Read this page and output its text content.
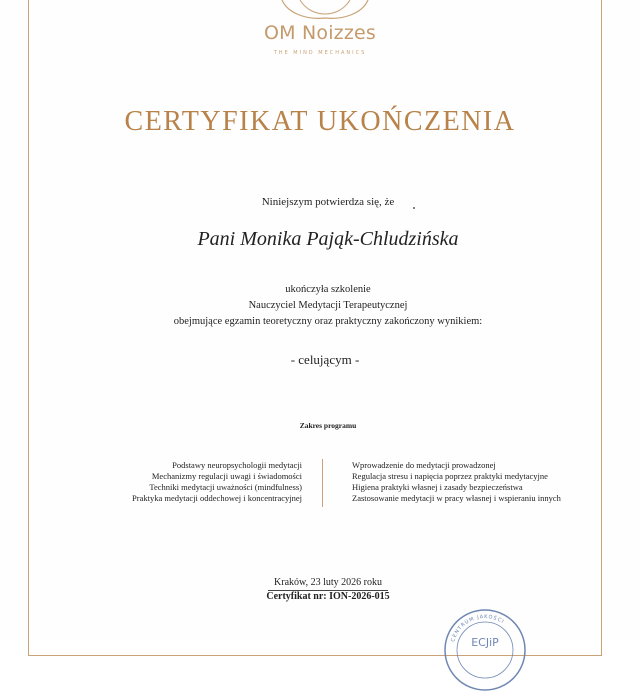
OM Noizzes
THE MIND MECHANICS
CERTYFIKAT UKOŃCZENIA
Niniejszym potwierdza się, że
Pani Monika Pająk-Chludzińska
ukończyła szkolenie
Nauczyciel Medytacji Terapeutycznej
obejmujące egzamin teoretyczny oraz praktyczny zakończony wynikiem:
- celującym -
Zakres programu
Podstawy neuropsychologii medytacji
Mechanizmy regulacji uwagi i świadomości
Techniki medytacji uważności (mindfulness)
Praktyka medytacji oddechowej i koncentracyjnej
Wprowadzenie do medytacji prowadzonej
Regulacja stresu i napięcia poprzez praktyki medytacyjne
Higiena praktyki własnej i zasady bezpieczeństwa
Zastosowanie medytacji w pracy własnej i wspieraniu innych
Kraków, 23 luty 2026 roku
Certyfikat nr: ION-2026-015
CENTRUM JAKOŚCI
ECJiP
